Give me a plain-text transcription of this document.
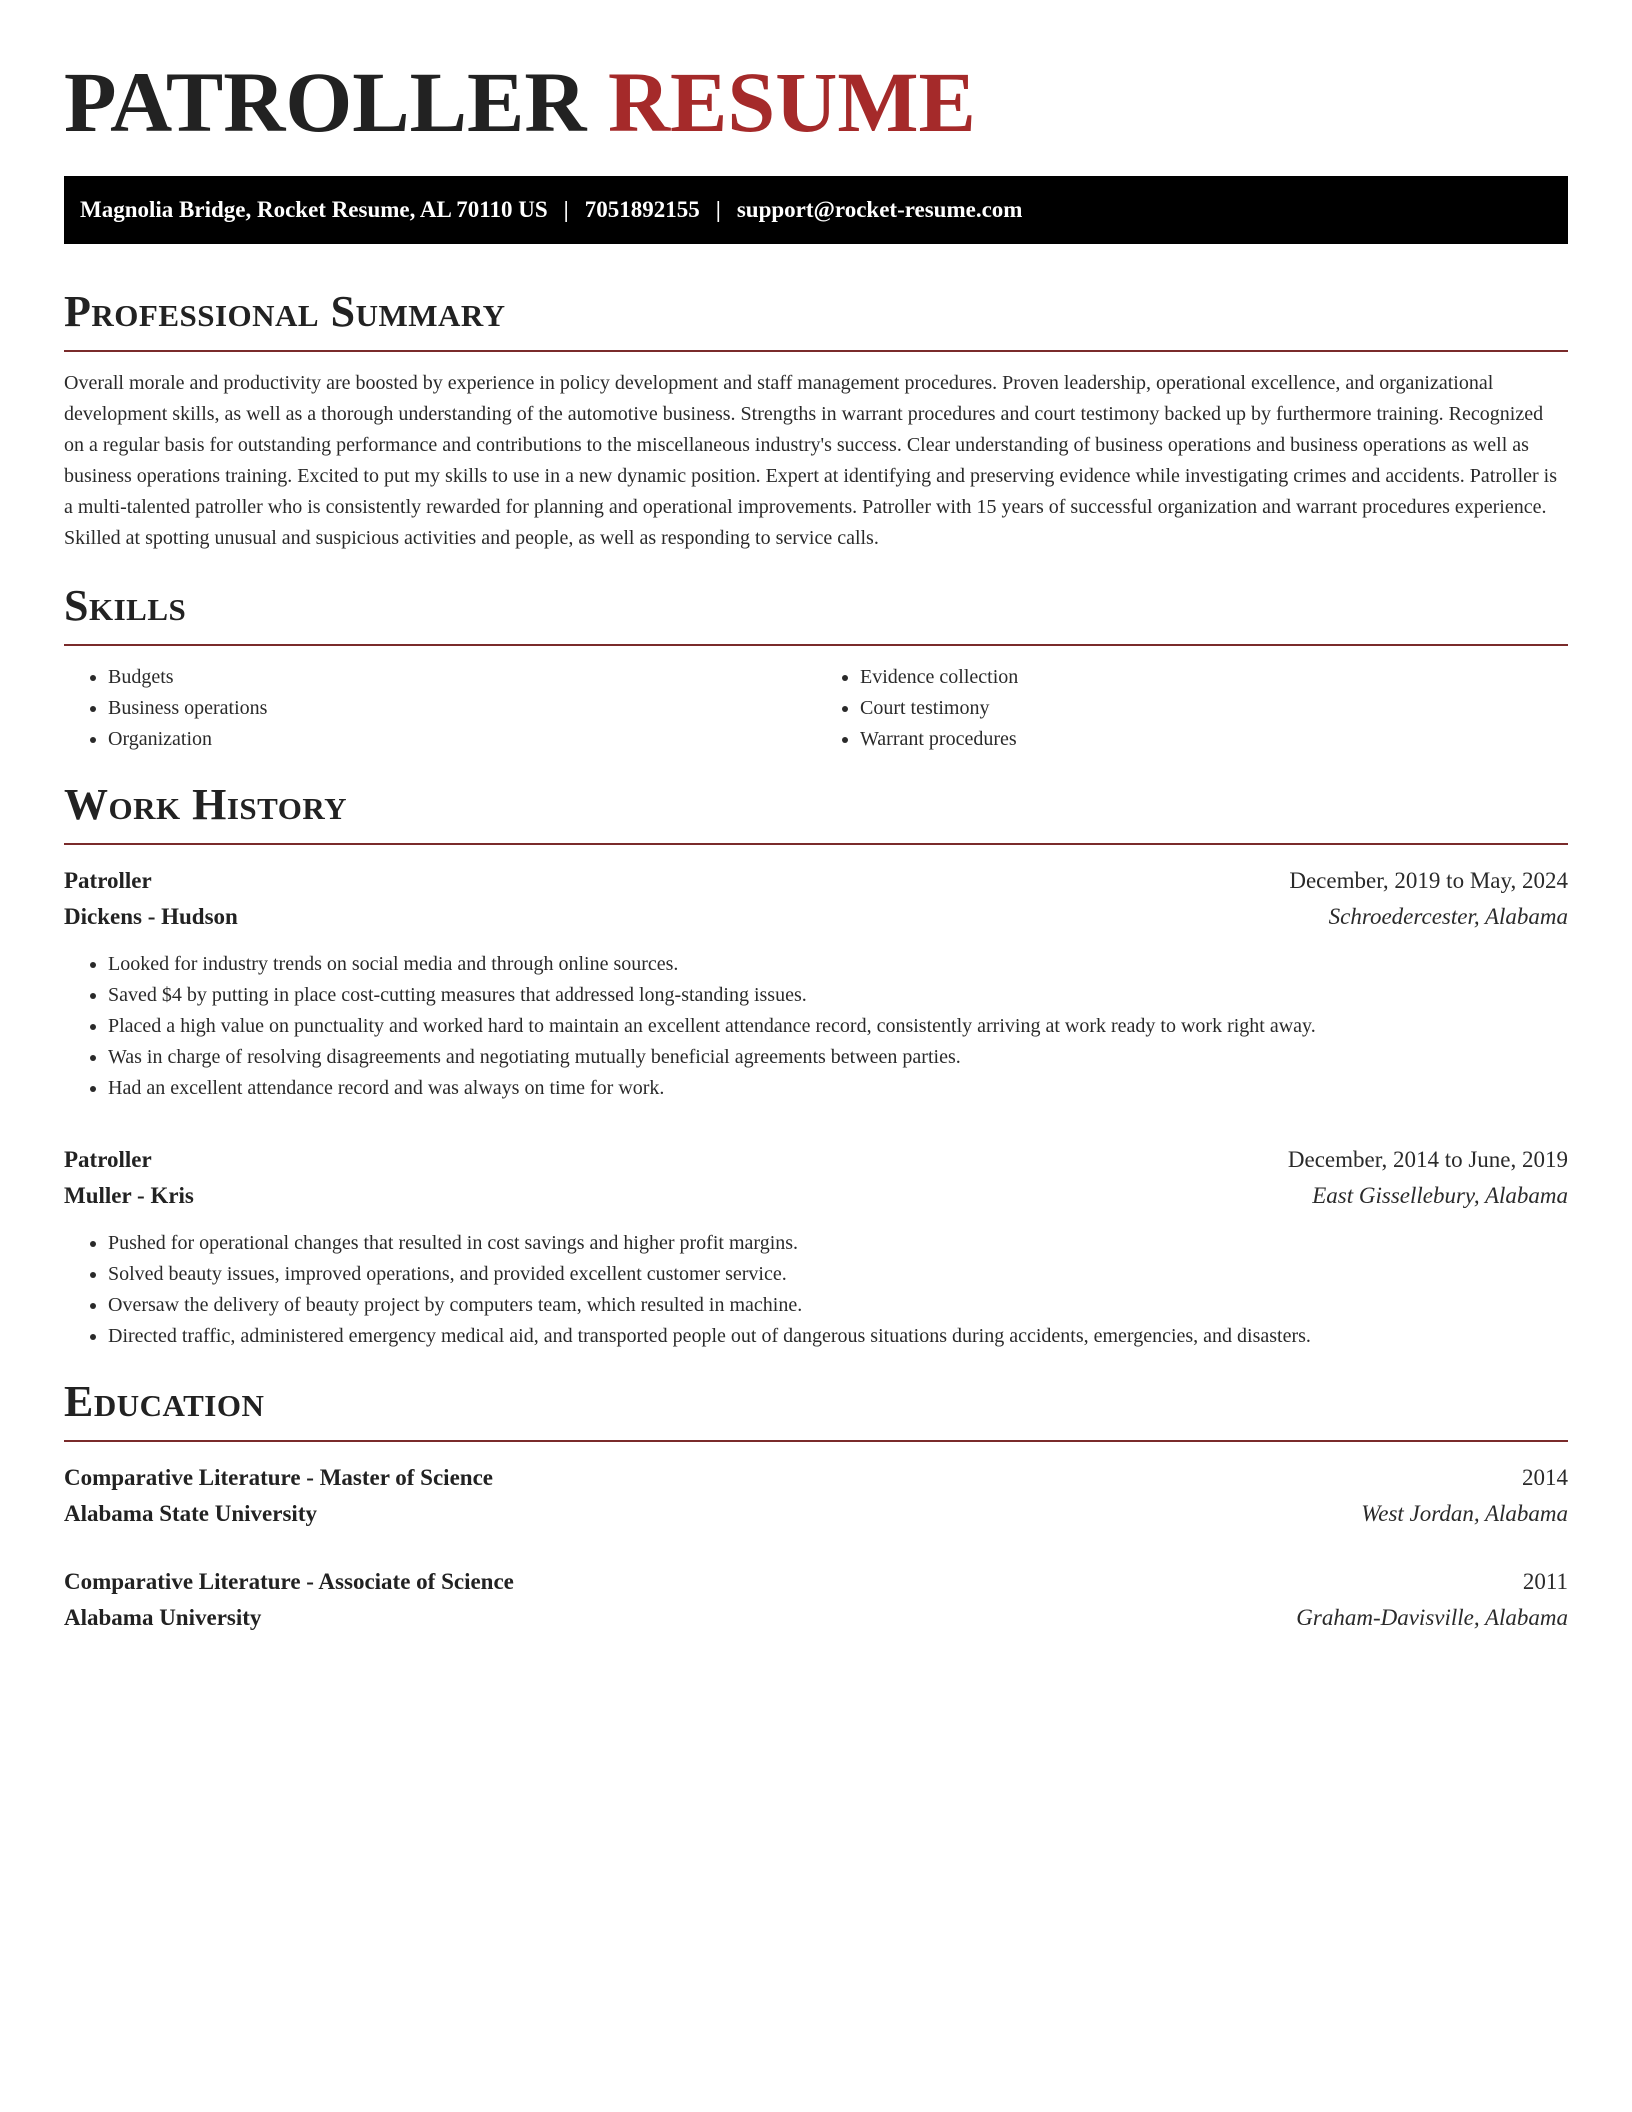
PATROLLER RESUME
Magnolia Bridge, Rocket Resume, AL 70110 US | 7051892155 | support@rocket-resume.com
Professional Summary
Overall morale and productivity are boosted by experience in policy development and staff management procedures. Proven leadership, operational excellence, and organizational development skills, as well as a thorough understanding of the automotive business. Strengths in warrant procedures and court testimony backed up by furthermore training. Recognized on a regular basis for outstanding performance and contributions to the miscellaneous industry's success. Clear understanding of business operations and business operations as well as business operations training. Excited to put my skills to use in a new dynamic position. Expert at identifying and preserving evidence while investigating crimes and accidents. Patroller is a multi-talented patroller who is consistently rewarded for planning and operational improvements. Patroller with 15 years of successful organization and warrant procedures experience. Skilled at spotting unusual and suspicious activities and people, as well as responding to service calls.
Skills
• Budgets
• Business operations
• Organization
• Evidence collection
• Court testimony
• Warrant procedures
Work History
Patroller	December, 2019 to May, 2024
Dickens - Hudson	Schroedercester, Alabama
• Looked for industry trends on social media and through online sources.
• Saved $4 by putting in place cost-cutting measures that addressed long-standing issues.
• Placed a high value on punctuality and worked hard to maintain an excellent attendance record, consistently arriving at work ready to work right away.
• Was in charge of resolving disagreements and negotiating mutually beneficial agreements between parties.
• Had an excellent attendance record and was always on time for work.
Patroller	December, 2014 to June, 2019
Muller - Kris	East Gissellebury, Alabama
• Pushed for operational changes that resulted in cost savings and higher profit margins.
• Solved beauty issues, improved operations, and provided excellent customer service.
• Oversaw the delivery of beauty project by computers team, which resulted in machine.
• Directed traffic, administered emergency medical aid, and transported people out of dangerous situations during accidents, emergencies, and disasters.
Education
Comparative Literature - Master of Science	2014
Alabama State University	West Jordan, Alabama
Comparative Literature - Associate of Science	2011
Alabama University	Graham-Davisville, Alabama
